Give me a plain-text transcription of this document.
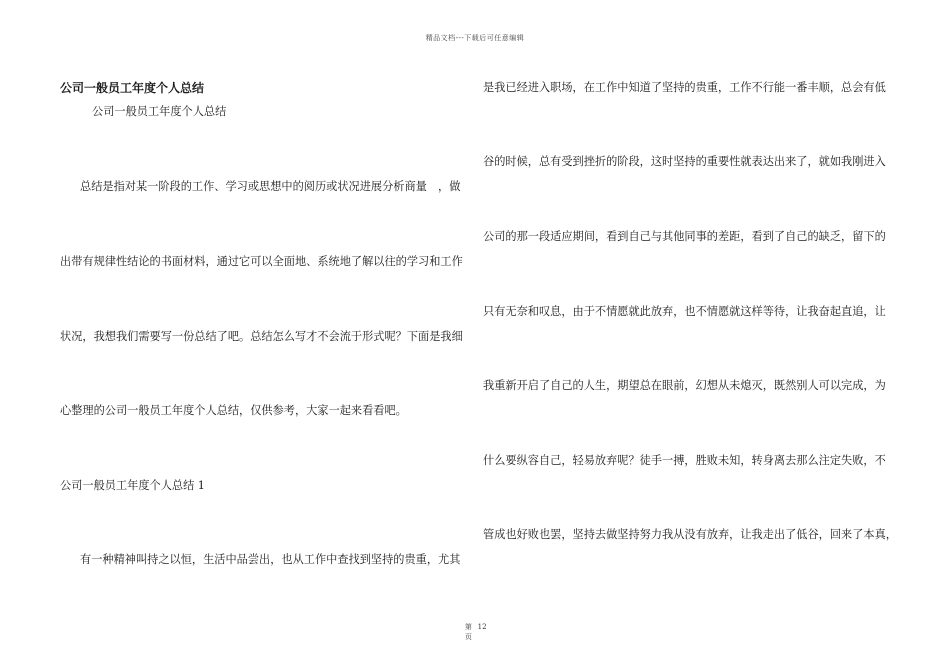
精品文档---下载后可任意编辑
公司一般员工年度个人总结
公司一般员工年度个人总结
总结是指对某一阶段的工作、学习或思想中的阅历或状况进展分析商量　，做
出带有规律性结论的书面材料，通过它可以全面地、系统地了解以往的学习和工作
状况，我想我们需要写一份总结了吧。总结怎么写才不会流于形式呢？下面是我细
心整理的公司一般员工年度个人总结，仅供参考，大家一起来看看吧。
公司一般员工年度个人总结 1
有一种精神叫持之以恒，生活中品尝出，也从工作中查找到坚持的贵重，尤其
是我已经进入职场，在工作中知道了坚持的贵重，工作不行能一番丰顺，总会有低
谷的时候，总有受到挫折的阶段，这时坚持的重要性就表达出来了，就如我刚进入
公司的那一段适应期间，看到自己与其他同事的差距，看到了自己的缺乏，留下的
只有无奈和叹息，由于不情愿就此放弃，也不情愿就这样等待，让我奋起直追，让
我重新开启了自己的人生，期望总在眼前，幻想从未熄灭，既然别人可以完成，为
什么要纵容自己，轻易放弃呢？徒手一搏，胜败未知，转身离去那么注定失败，不
管成也好败也罢，坚持去做坚持努力我从没有放弃，让我走出了低谷，回来了本真，
第页 12
